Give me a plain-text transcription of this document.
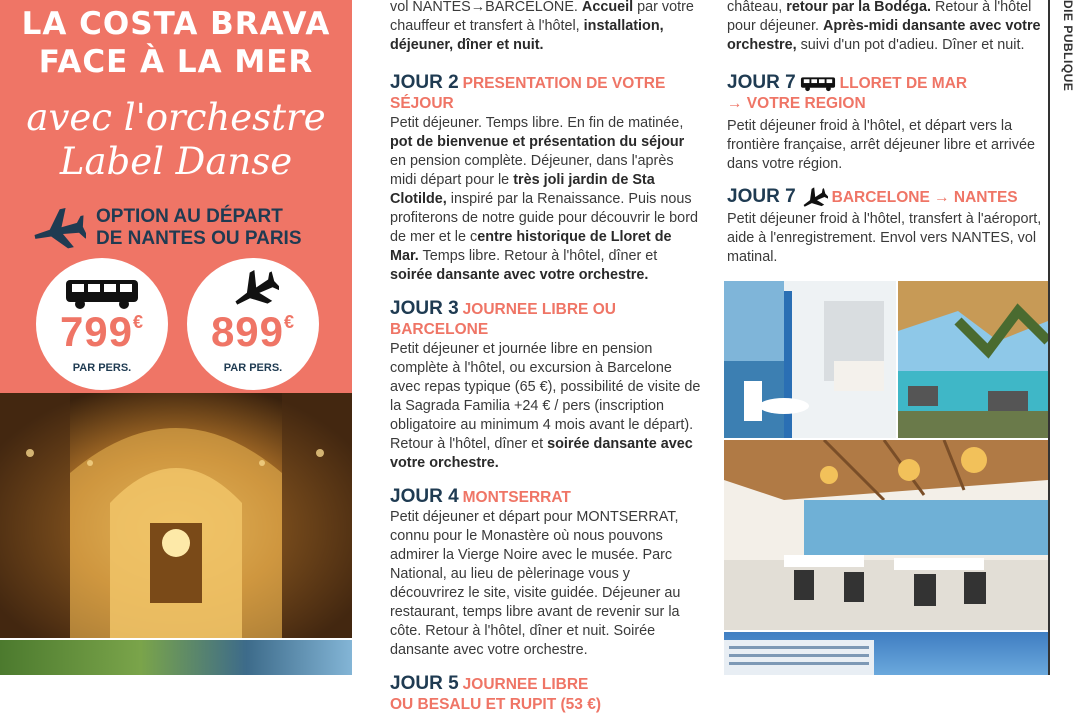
LA COSTA BRAVA
FACE À LA MER
avec l'orchestre
Label Danse
OPTION AU DÉPART
DE NANTES OU PARIS
799€
PAR PERS.
899€
PAR PERS.
vol NANTES→BARCELONE. Accueil par votre chauffeur et transfert à l'hôtel, installation, déjeuner, dîner et nuit.
JOUR 2 PRESENTATION DE VOTRE SÉJOUR
Petit déjeuner. Temps libre. En fin de matinée, pot de bienvenue et présentation du séjour en pension complète. Déjeuner, dans l'après midi départ pour le très joli jardin de Sta Clotilde, inspiré par la Renaissance. Puis nous profiterons de notre guide pour découvrir le bord de mer et le centre historique de Lloret de Mar. Temps libre. Retour à l'hôtel, dîner et soirée dansante avec votre orchestre.
JOUR 3 JOURNEE LIBRE OU BARCELONE
Petit déjeuner et journée libre en pension complète à l'hôtel, ou excursion à Barcelone avec repas typique (65 €), possibilité de visite de la Sagrada Familia +24 € / pers (inscription obligatoire au minimum 4 mois avant le départ). Retour à l'hôtel, dîner et soirée dansante avec votre orchestre.
JOUR 4 MONTSERRAT
Petit déjeuner et départ pour MONTSERRAT, connu pour le Monastère où nous pouvons admirer la Vierge Noire avec le musée. Parc National, au lieu de pèlerinage vous y découvrirez le site, visite guidée. Déjeuner au restaurant, temps libre avant de revenir sur la côte. Retour à l'hôtel, dîner et nuit. Soirée dansante avec votre orchestre.
JOUR 5 JOURNEE LIBRE
OU BESALU ET RUPIT (53 €)
château, retour par la Bodéga. Retour à l'hôtel pour déjeuner. Après-midi dansante avec votre orchestre, suivi d'un pot d'adieu. Dîner et nuit.
JOUR 7	LLORET DE MAR
→ VOTRE REGION
Petit déjeuner froid à l'hôtel, et départ vers la frontière française, arrêt déjeuner libre et arrivée dans votre région.
JOUR 7 BARCELONE → NANTES
Petit déjeuner froid à l'hôtel, transfert à l'aéroport, aide à l'enregistrement. Envol vers NANTES, vol matinal.
DIE PUBLIQUE
